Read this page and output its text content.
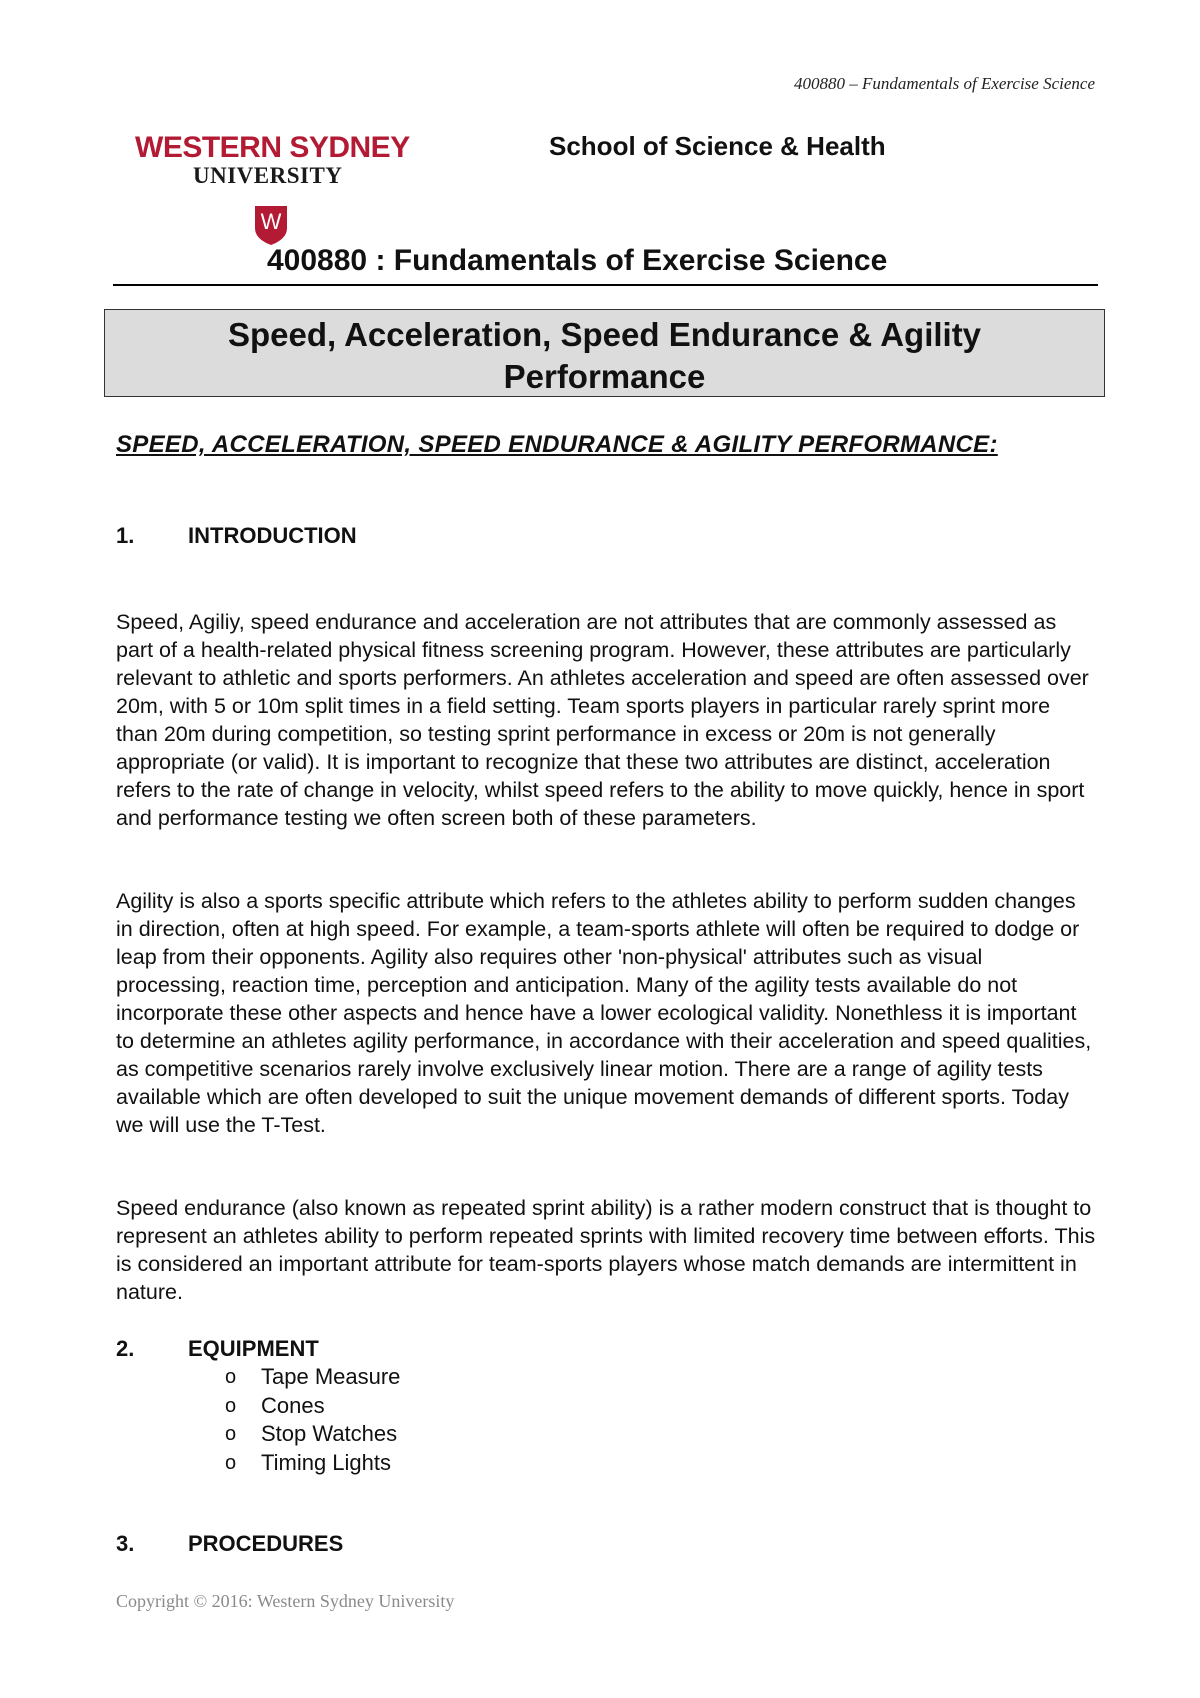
400880 – Fundamentals of Exercise Science
WESTERN SYDNEY
UNIVERSITY
W
School of Science & Health
400880 : Fundamentals of Exercise Science
Speed, Acceleration, Speed Endurance & Agility
Performance
SPEED, ACCELERATION, SPEED ENDURANCE & AGILITY PERFORMANCE:
1. INTRODUCTION

Speed, Agiliy, speed endurance and acceleration are not attributes that are commonly assessed as part of a health-related physical fitness screening program. However, these attributes are particularly relevant to athletic and sports performers. An athletes acceleration and speed are often assessed over 20m, with 5 or 10m split times in a field setting. Team sports players in particular rarely sprint more than 20m during competition, so testing sprint performance in excess or 20m is not generally appropriate (or valid). It is important to recognize that these two attributes are distinct, acceleration refers to the rate of change in velocity, whilst speed refers to the ability to move quickly, hence in sport and performance testing we often screen both of these parameters.

Agility is also a sports specific attribute which refers to the athletes ability to perform sudden changes in direction, often at high speed. For example, a team-sports athlete will often be required to dodge or leap from their opponents. Agility also requires other 'non-physical' attributes such as visual processing, reaction time, perception and anticipation. Many of the agility tests available do not incorporate these other aspects and hence have a lower ecological validity. Nonethless it is important to determine an athletes agility performance, in accordance with their acceleration and speed qualities, as competitive scenarios rarely involve exclusively linear motion. There are a range of agility tests available which are often developed to suit the unique movement demands of different sports. Today we will use the T-Test.

Speed endurance (also known as repeated sprint ability) is a rather modern construct that is thought to represent an athletes ability to perform repeated sprints with limited recovery time between efforts. This is considered an important attribute for team-sports players whose match demands are intermittent in nature.

2. EQUIPMENT
o	Tape Measure
o	Cones
o	Stop Watches
o	Timing Lights
3. PROCEDURES
Copyright © 2016: Western Sydney University
